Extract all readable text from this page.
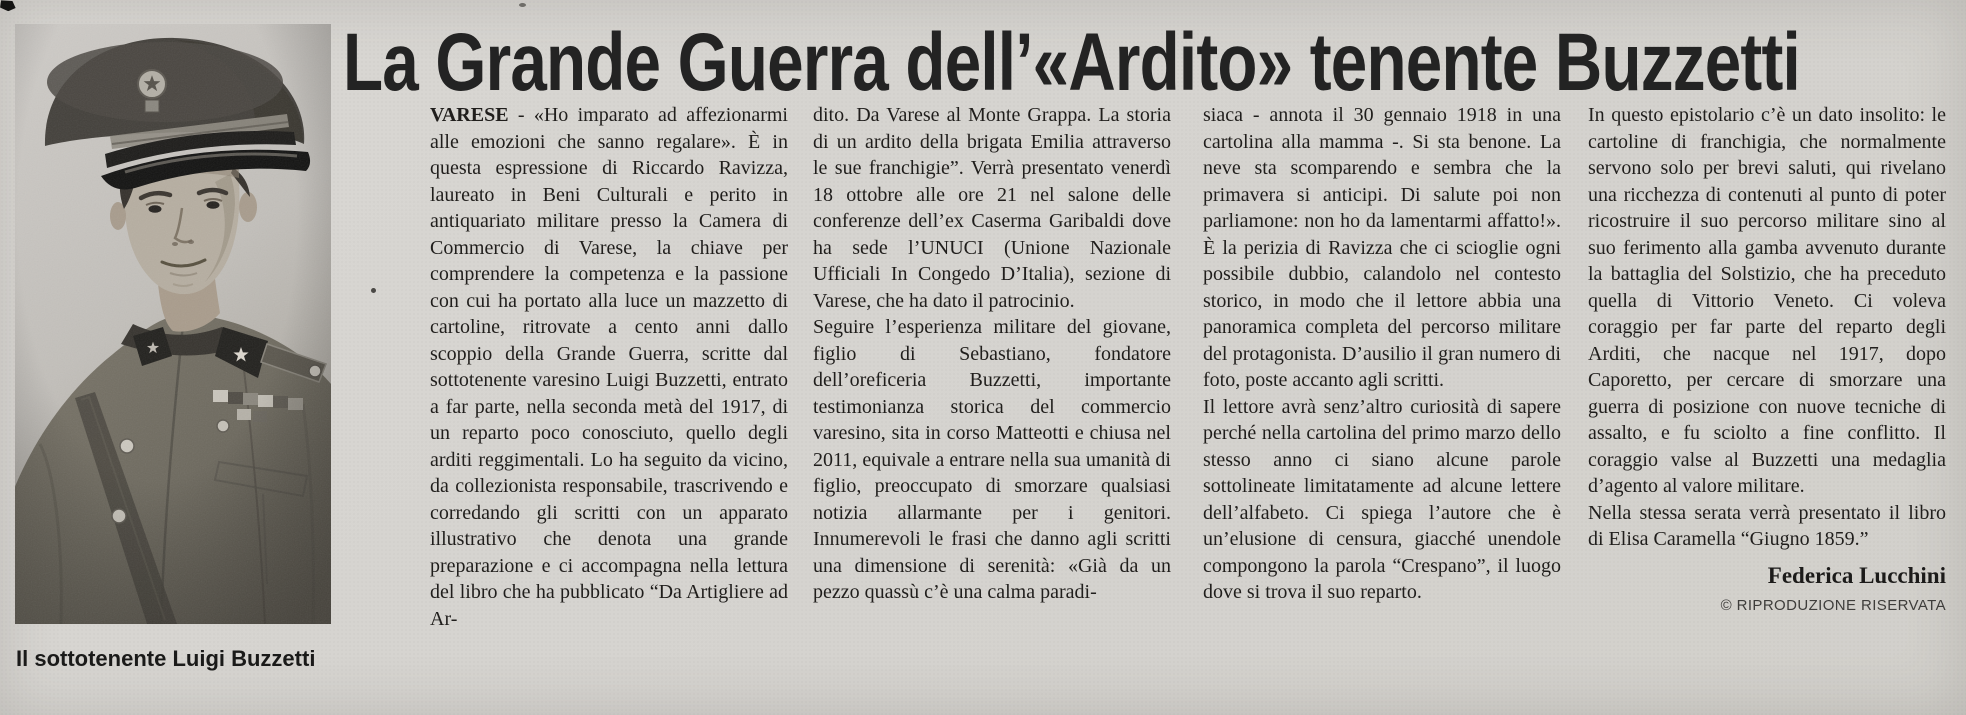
La Grande Guerra dell’«Ardito» tenente Buzzetti
Il sottotenente Luigi Buzzetti

VARESE - «Ho imparato ad affezionarmi alle emozioni che sanno regalare». È in questa espressione di Riccardo Ravizza, laureato in Beni Culturali e perito in antiquariato militare presso la Camera di Commercio di Varese, la chiave per comprendere la competenza e la passione con cui ha portato alla luce un mazzetto di cartoline, ritrovate a cento anni dallo scoppio della Grande Guerra, scritte dal sottotenente varesino Luigi Buzzetti, entrato a far parte, nella seconda metà del 1917, di un reparto poco conosciuto, quello degli arditi reggimentali. Lo ha seguito da vicino, da collezionista responsabile, trascrivendo e corredando gli scritti con un apparato illustrativo che denota una grande preparazione e ci accompagna nella lettura del libro che ha pubblicato “Da Artigliere ad Ar-

dito. Da Varese al Monte Grappa. La storia di un ardito della brigata Emilia attraverso le sue franchigie”. Verrà presentato venerdì 18 ottobre alle ore 21 nel salone delle conferenze dell’ex Caserma Garibaldi dove ha sede l’UNUCI (Unione Nazionale Ufficiali In Congedo D’Italia), sezione di Varese, che ha dato il patrocinio.

Seguire l’esperienza militare del giovane, figlio di Sebastiano, fondatore dell’oreficeria Buzzetti, importante testimonianza storica del commercio varesino, sita in corso Matteotti e chiusa nel 2011, equivale a entrare nella sua umanità di figlio, preoccupato di smorzare qualsiasi notizia allarmante per i genitori. Innumerevoli le frasi che danno agli scritti una dimensione di serenità: «Già da un pezzo quassù c’è una calma paradi-

siaca - annota il 30 gennaio 1918 in una cartolina alla mamma -. Si sta benone. La neve sta scomparendo e sembra che la primavera si anticipi. Di salute poi non parliamone: non ho da lamentarmi affatto!». È la perizia di Ravizza che ci scioglie ogni possibile dubbio, calandolo nel contesto storico, in modo che il lettore abbia una panoramica completa del percorso militare del protagonista. D’ausilio il gran numero di foto, poste accanto agli scritti.

Il lettore avrà senz’altro curiosità di sapere perché nella cartolina del primo marzo dello stesso anno ci siano alcune parole sottolineate limitatamente ad alcune lettere dell’alfabeto. Ci spiega l’autore che è un’elusione di censura, giacché unendole compongono la parola “Crespano”, il luogo dove si trova il suo reparto.

In questo epistolario c’è un dato insolito: le cartoline di franchigia, che normalmente servono solo per brevi saluti, qui rivelano una ricchezza di contenuti al punto di poter ricostruire il suo percorso militare sino al suo ferimento alla gamba avvenuto durante la battaglia del Solstizio, che ha preceduto quella di Vittorio Veneto. Ci voleva coraggio per far parte del reparto degli Arditi, che nacque nel 1917, dopo Caporetto, per cercare di smorzare una guerra di posizione con nuove tecniche di assalto, e fu sciolto a fine conflitto. Il coraggio valse al Buzzetti una medaglia d’agento al valore militare.

Nella stessa serata verrà presentato il libro di Elisa Caramella “Giugno 1859.”

Federica Lucchini
© RIPRODUZIONE RISERVATA
